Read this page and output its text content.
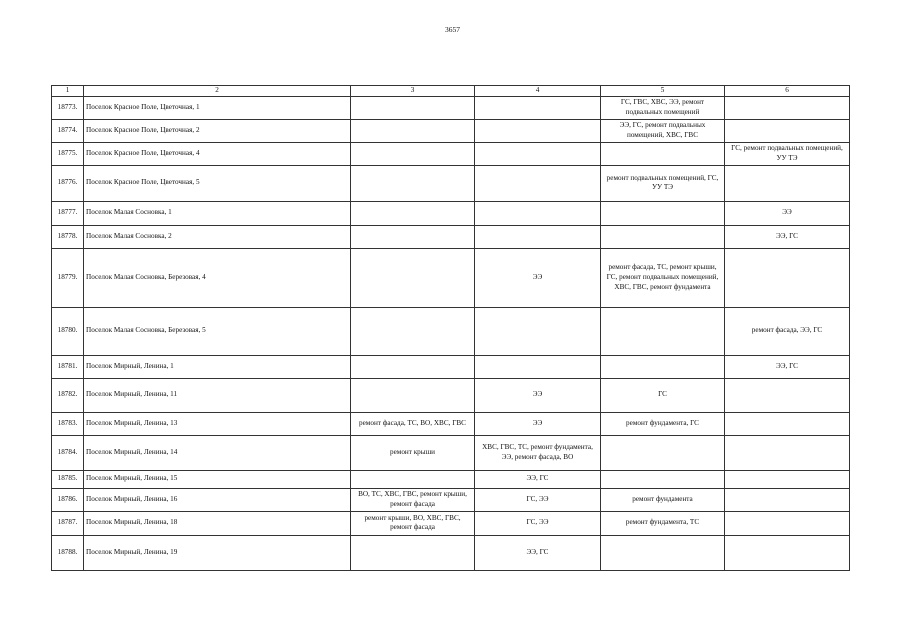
3657
1	2	3	4	5	6
18773.	Поселок Красное Поле, Цветочная, 1			ГС, ГВС, ХВС, ЭЭ, ремонт подвальных помещений	
18774.	Поселок Красное Поле, Цветочная, 2			ЭЭ, ГС, ремонт подвальных помещений, ХВС, ГВС	
18775.	Поселок Красное Поле, Цветочная, 4				ГС, ремонт подвальных помещений, УУ ТЭ
18776.	Поселок Красное Поле, Цветочная, 5			ремонт подвальных помещений, ГС, УУ ТЭ	
18777.	Поселок Малая Сосновка, 1				ЭЭ
18778.	Поселок Малая Сосновка, 2				ЭЭ, ГС
18779.	Поселок Малая Сосновка, Березовая, 4		ЭЭ	ремонт фасада, ТС, ремонт крыши, ГС, ремонт подвальных помещений, ХВС, ГВС, ремонт фундамента	
18780.	Поселок Малая Сосновка, Березовая, 5				ремонт фасада, ЭЭ, ГС
18781.	Поселок Мирный, Ленина, 1				ЭЭ, ГС
18782.	Поселок Мирный, Ленина, 11		ЭЭ	ГС	
18783.	Поселок Мирный, Ленина, 13	ремонт фасада, ТС, ВО, ХВС, ГВС	ЭЭ	ремонт фундамента, ГС	
18784.	Поселок Мирный, Ленина, 14	ремонт крыши	ХВС, ГВС, ТС, ремонт фундамента, ЭЭ, ремонт фасада, ВО		
18785.	Поселок Мирный, Ленина, 15		ЭЭ, ГС		
18786.	Поселок Мирный, Ленина, 16	ВО, ТС, ХВС, ГВС, ремонт крыши, ремонт фасада	ГС, ЭЭ	ремонт фундамента	
18787.	Поселок Мирный, Ленина, 18	ремонт крыши, ВО, ХВС, ГВС, ремонт фасада	ГС, ЭЭ	ремонт фундамента, ТС	
18788.	Поселок Мирный, Ленина, 19		ЭЭ, ГС		
